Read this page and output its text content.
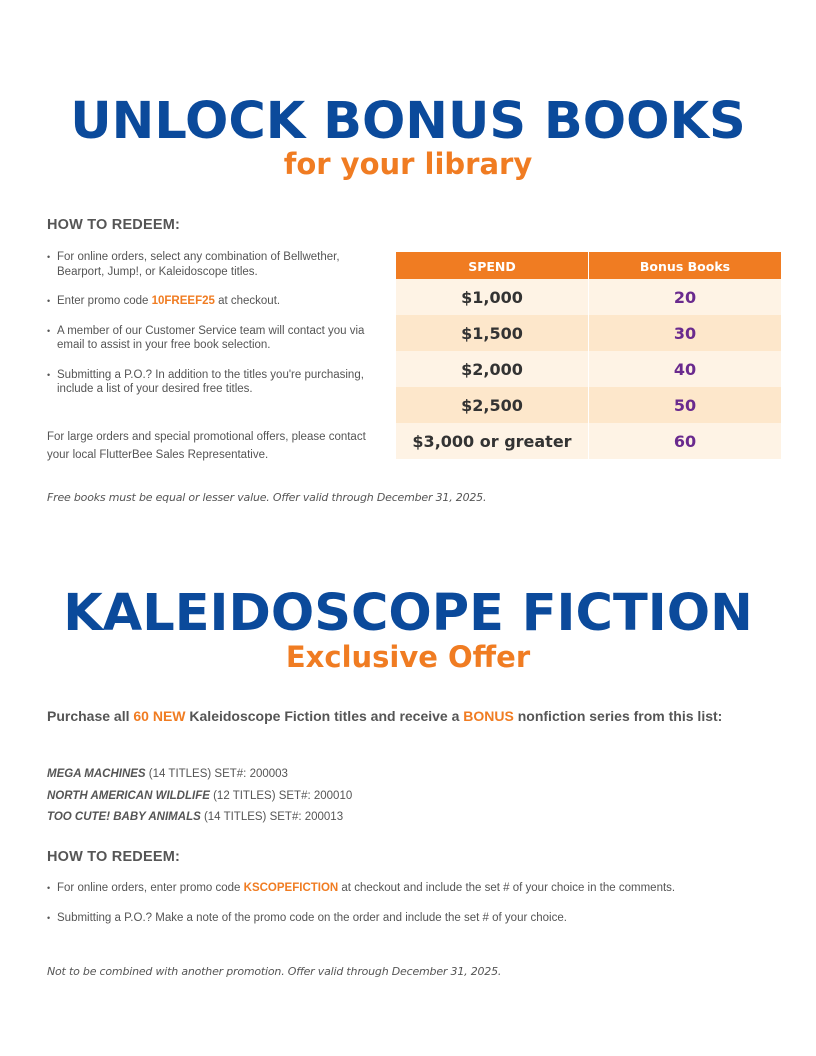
UNLOCK BONUS BOOKS
for your library
HOW TO REDEEM:
• For online orders, select any combination of Bellwether, Bearport, Jump!, or Kaleidoscope titles.
• Enter promo code 10FREEF25 at checkout.
• A member of our Customer Service team will contact you via email to assist in your free book selection.
• Submitting a P.O.? In addition to the titles you're purchasing, include a list of your desired free titles.

For large orders and special promotional offers, please contact your local FlutterBee Sales Representative.

SPEND	Bonus Books
$1,000	20
$1,500	30
$2,000	40
$2,500	50
$3,000 or greater	60

Free books must be equal or lesser value. Offer valid through December 31, 2025.

KALEIDOSCOPE FICTION
Exclusive Offer

Purchase all 60 NEW Kaleidoscope Fiction titles and receive a BONUS nonfiction series from this list:

MEGA MACHINES (14 TITLES) SET#: 200003
NORTH AMERICAN WILDLIFE (12 TITLES) SET#: 200010
TOO CUTE! BABY ANIMALS (14 TITLES) SET#: 200013
HOW TO REDEEM:
• For online orders, enter promo code KSCOPEFICTION at checkout and include the set # of your choice in the comments.
• Submitting a P.O.? Make a note of the promo code on the order and include the set # of your choice.

Not to be combined with another promotion. Offer valid through December 31, 2025.
